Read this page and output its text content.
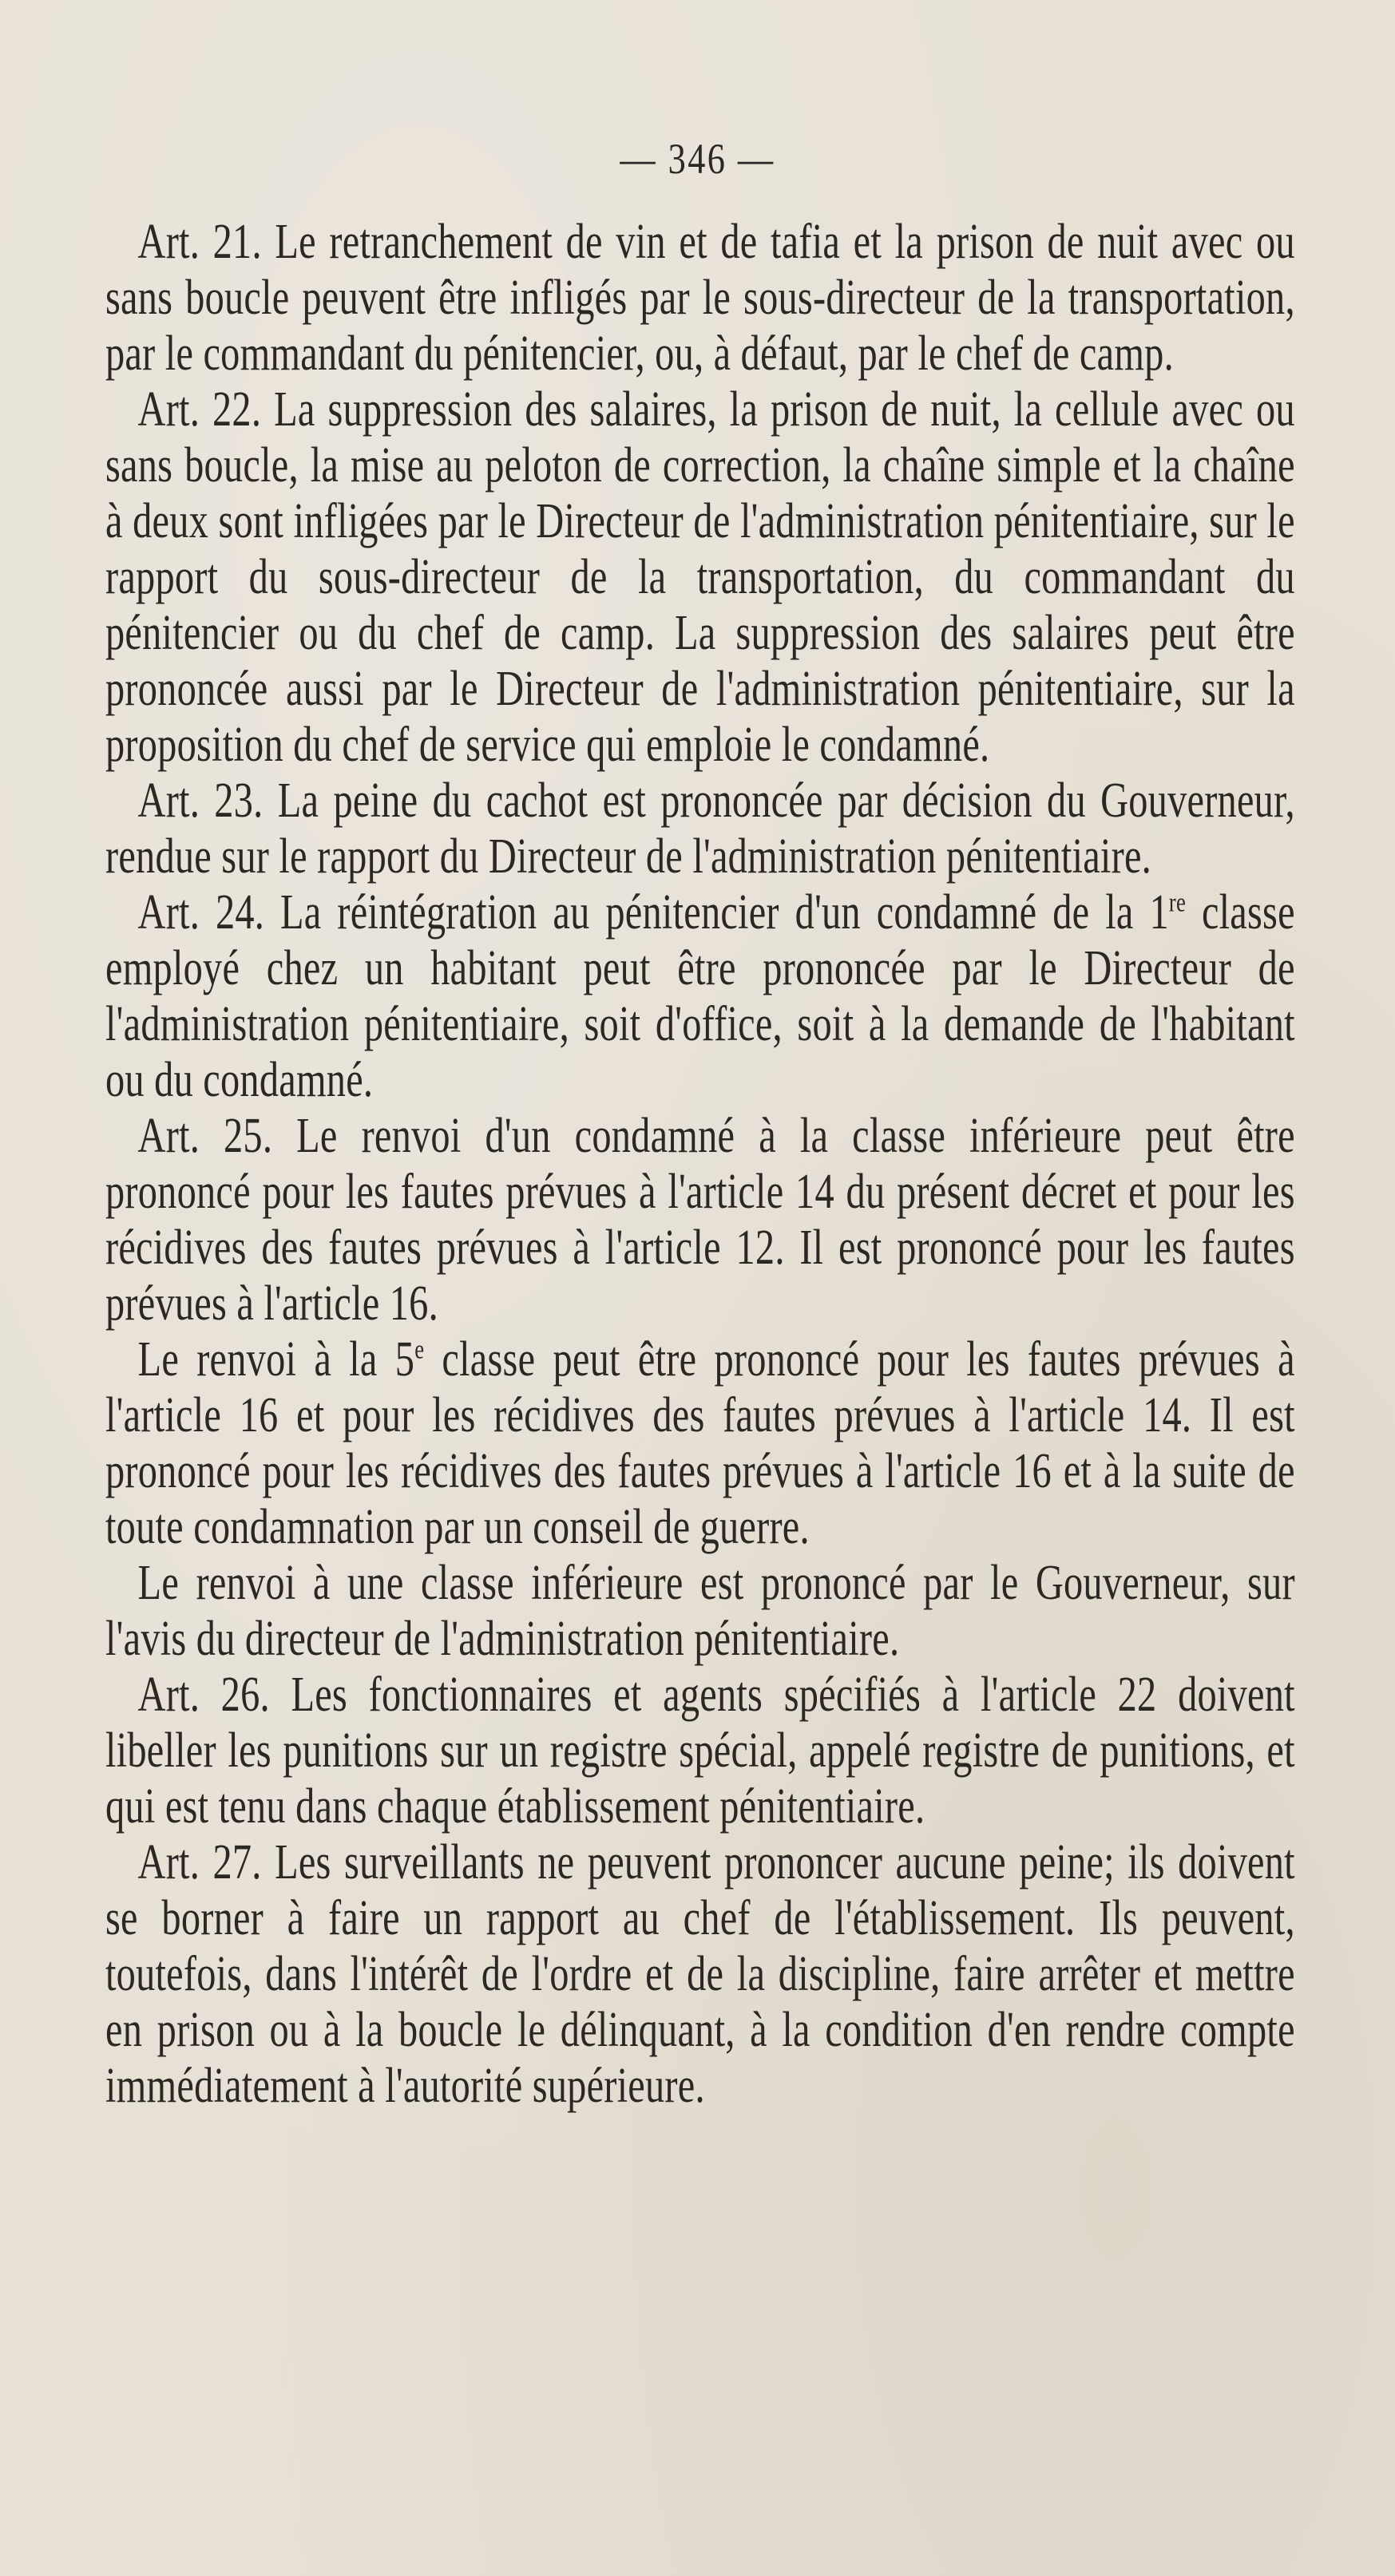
— 346 —

Art. 21. Le retranchement de vin et de tafia et la prison de nuit avec ou sans boucle peuvent être infligés par le sous-directeur de la transportation, par le commandant du pénitencier, ou, à défaut, par le chef de camp.

Art. 22. La suppression des salaires, la prison de nuit, la cellule avec ou sans boucle, la mise au peloton de correction, la chaîne simple et la chaîne à deux sont infligées par le Directeur de l'administration pénitentiaire, sur le rapport du sous-directeur de la transportation, du commandant du pénitencier ou du chef de camp. La suppression des salaires peut être prononcée aussi par le Directeur de l'administration pénitentiaire, sur la proposition du chef de service qui emploie le condamné.

Art. 23. La peine du cachot est prononcée par décision du Gouverneur, rendue sur le rapport du Directeur de l'administration pénitentiaire.

Art. 24. La réintégration au pénitencier d'un condamné de la 1re classe employé chez un habitant peut être prononcée par le Directeur de l'administration pénitentiaire, soit d'office, soit à la demande de l'habitant ou du condamné.

Art. 25. Le renvoi d'un condamné à la classe inférieure peut être prononcé pour les fautes prévues à l'article 14 du présent décret et pour les récidives des fautes prévues à l'article 12. Il est prononcé pour les fautes prévues à l'article 16.

Le renvoi à la 5e classe peut être prononcé pour les fautes prévues à l'article 16 et pour les récidives des fautes prévues à l'article 14. Il est prononcé pour les récidives des fautes prévues à l'article 16 et à la suite de toute condamnation par un conseil de guerre.

Le renvoi à une classe inférieure est prononcé par le Gouverneur, sur l'avis du directeur de l'administration pénitentiaire.

Art. 26. Les fonctionnaires et agents spécifiés à l'article 22 doivent libeller les punitions sur un registre spécial, appelé registre de punitions, et qui est tenu dans chaque établissement pénitentiaire.

Art. 27. Les surveillants ne peuvent prononcer aucune peine; ils doivent se borner à faire un rapport au chef de l'établissement. Ils peuvent, toutefois, dans l'intérêt de l'ordre et de la discipline, faire arrêter et mettre en prison ou à la boucle le délinquant, à la condition d'en rendre compte immédiatement à l'autorité supérieure.
